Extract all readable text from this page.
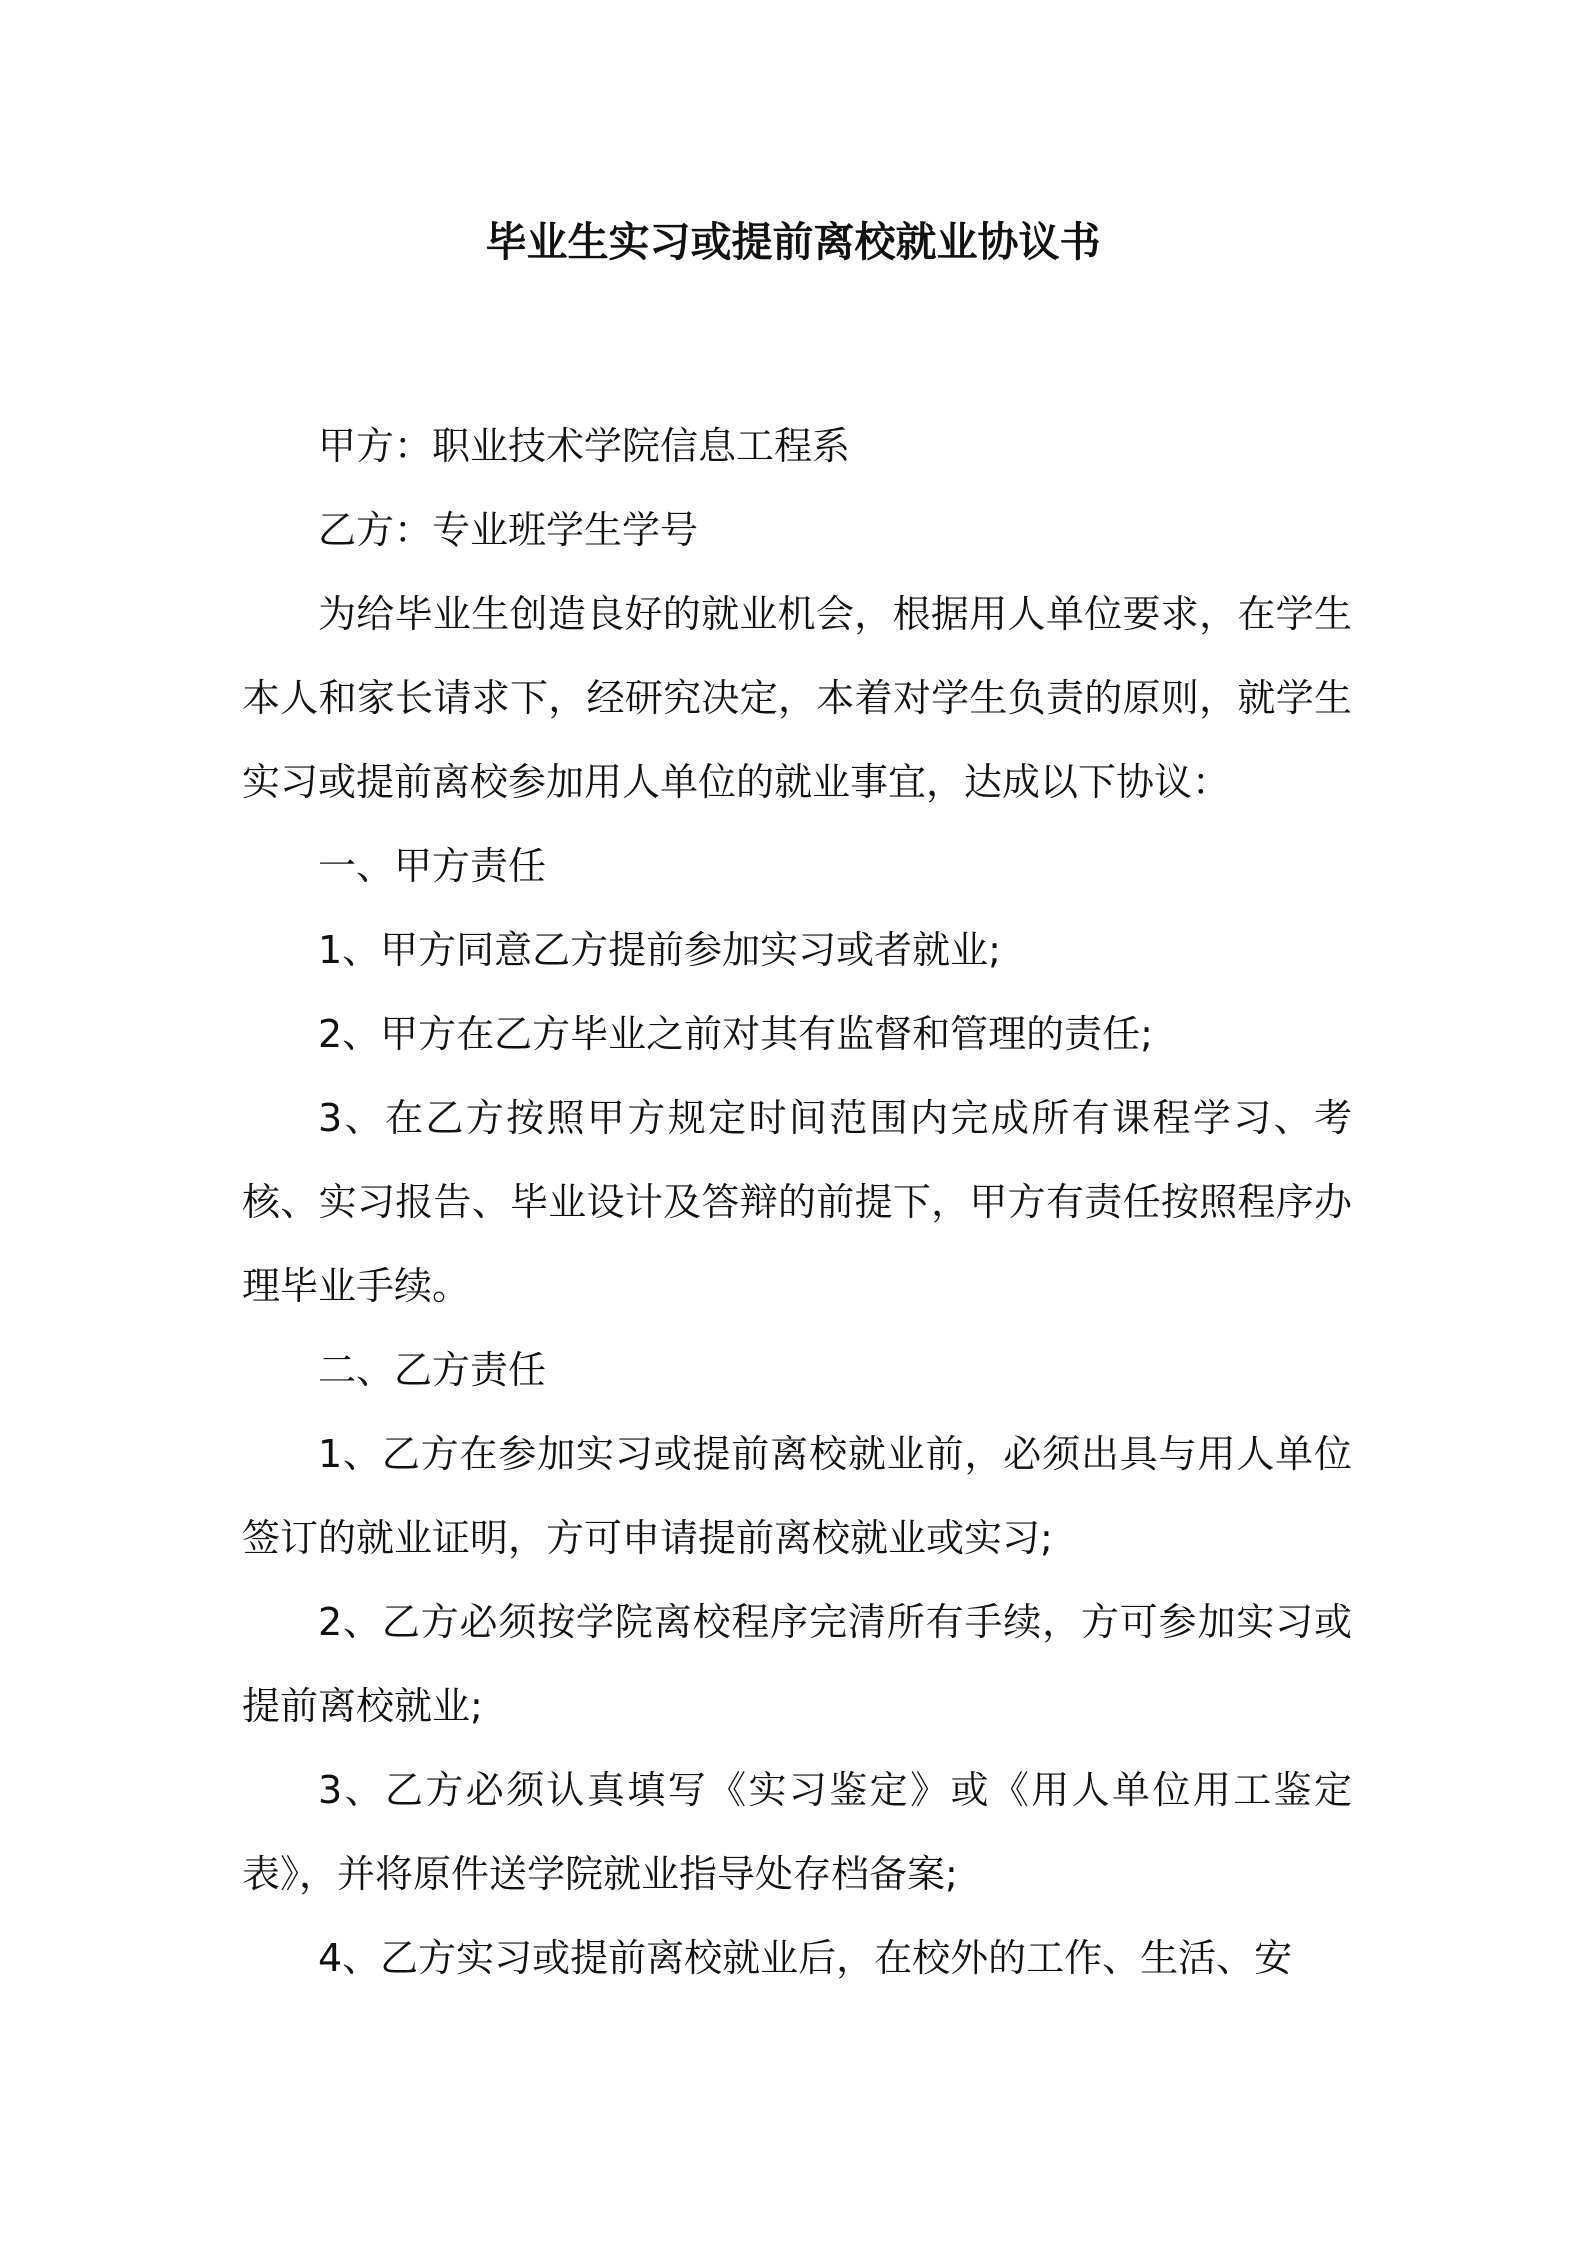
毕业生实习或提前离校就业协议书

甲方：职业技术学院信息工程系

乙方：专业班学生学号

为给毕业生创造良好的就业机会，根据用人单位要求，在学生本人和家长请求下，经研究决定，本着对学生负责的原则，就学生实习或提前离校参加用人单位的就业事宜，达成以下协议：

一、甲方责任

1、甲方同意乙方提前参加实习或者就业;

2、甲方在乙方毕业之前对其有监督和管理的责任;

3、在乙方按照甲方规定时间范围内完成所有课程学习、考核、实习报告、毕业设计及答辩的前提下，甲方有责任按照程序办理毕业手续。

二、乙方责任

1、乙方在参加实习或提前离校就业前，必须出具与用人单位签订的就业证明，方可申请提前离校就业或实习;

2、乙方必须按学院离校程序完清所有手续，方可参加实习或提前离校就业;

3、乙方必须认真填写《实习鉴定》或《用人单位用工鉴定表》，并将原件送学院就业指导处存档备案;

4、乙方实习或提前离校就业后，在校外的工作、生活、安
